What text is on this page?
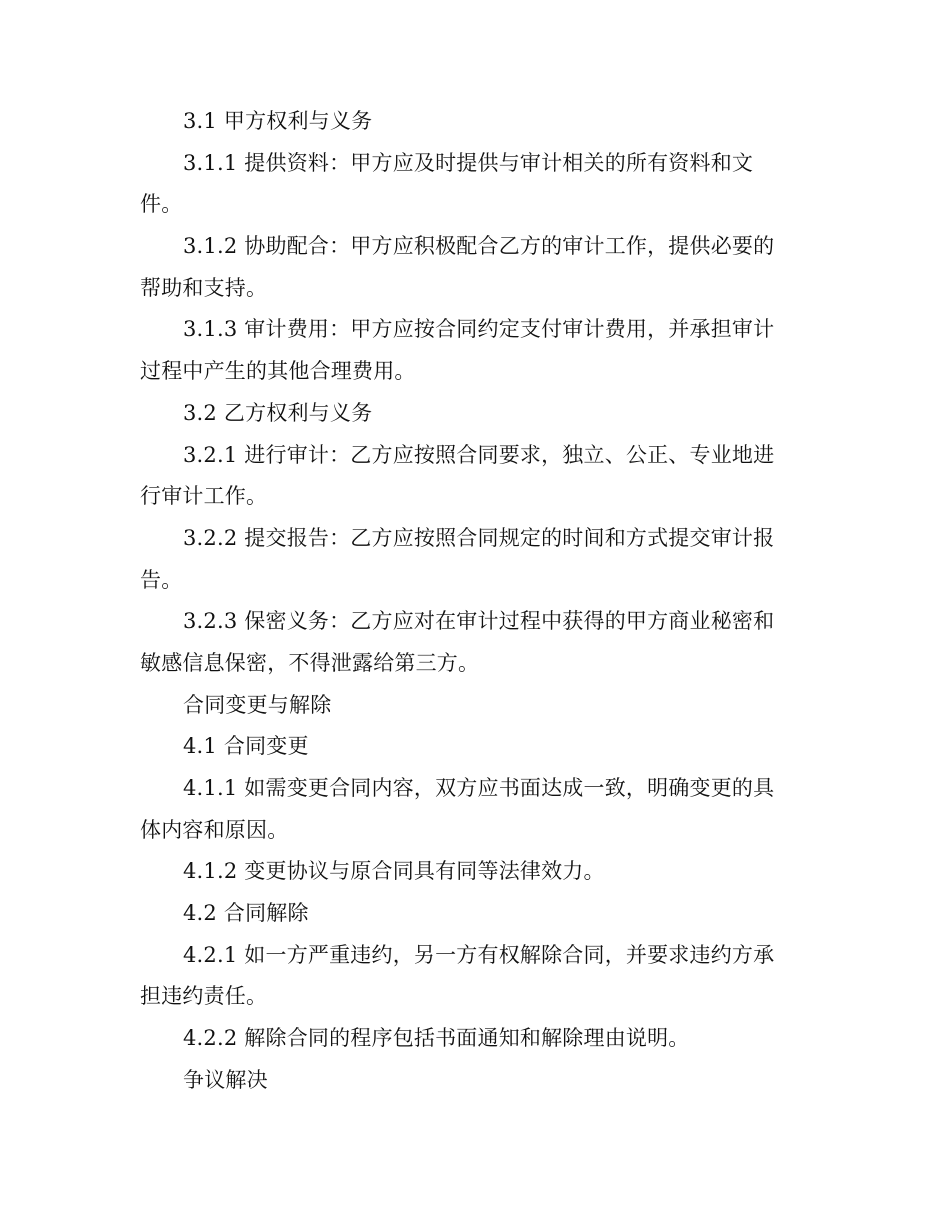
3.1 甲方权利与义务
3.1.1 提供资料：甲方应及时提供与审计相关的所有资料和文
件。
3.1.2 协助配合：甲方应积极配合乙方的审计工作，提供必要的
帮助和支持。
3.1.3 审计费用：甲方应按合同约定支付审计费用，并承担审计
过程中产生的其他合理费用。
3.2 乙方权利与义务
3.2.1 进行审计：乙方应按照合同要求，独立、公正、专业地进
行审计工作。
3.2.2 提交报告：乙方应按照合同规定的时间和方式提交审计报
告。
3.2.3 保密义务：乙方应对在审计过程中获得的甲方商业秘密和
敏感信息保密，不得泄露给第三方。
合同变更与解除
4.1 合同变更
4.1.1 如需变更合同内容，双方应书面达成一致，明确变更的具
体内容和原因。
4.1.2 变更协议与原合同具有同等法律效力。
4.2 合同解除
4.2.1 如一方严重违约，另一方有权解除合同，并要求违约方承
担违约责任。
4.2.2 解除合同的程序包括书面通知和解除理由说明。
争议解决
